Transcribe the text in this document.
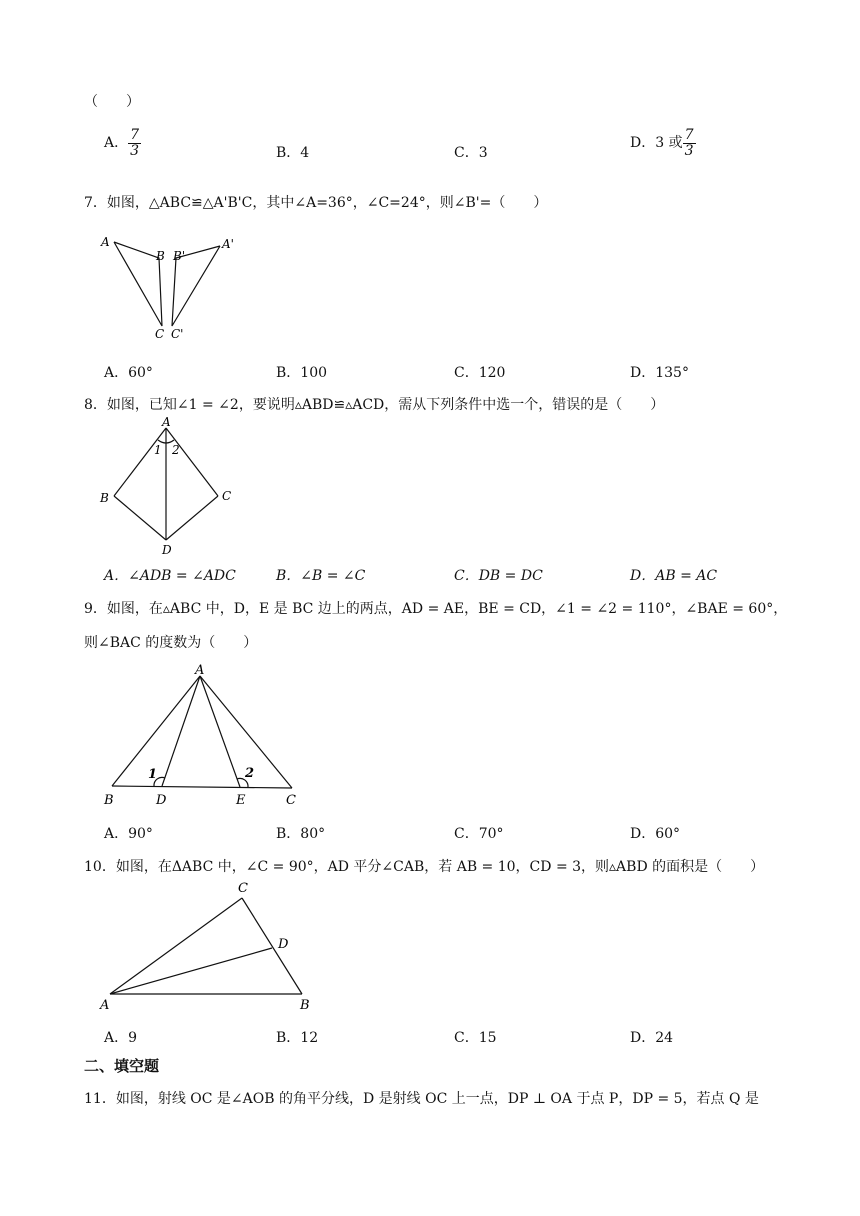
（　　）
A． $\frac{7}{3}$	B．4	C．3
D．3 或 $\frac{7}{3}$
7．如图，△ABC≌△A'B'C，其中∠A=36°，∠C=24°，则∠B'=（　　）
A
B B'
A'
C C'
A．60°	B．100	C．120	D．135°
8．如图，已知∠1 = ∠2，要说明▵ABD≌▵ACD，需从下列条件中选一个，错误的是（　　）
A
1 2
B	C
D
A．∠ADB = ∠ADC	B．∠B = ∠C	C．DB = DC	D．AB = AC
9．如图，在▵ABC 中，D，E 是 BC 边上的两点，AD = AE，BE = CD，∠1 = ∠2 = 110°，∠BAE = 60°，
则∠BAC 的度数为（　　）
A
1	2
B	D	E	C
A．90°	B．80°	C．70°	D．60°
10．如图，在ΔABC 中，∠C = 90°，AD 平分∠CAB，若 AB = 10，CD = 3，则▵ABD 的面积是（　　）
C
D
A	B
A．9	B．12	C．15	D．24
二、填空题
11．如图，射线 OC 是∠AOB 的角平分线，D 是射线 OC 上一点，DP ⊥ OA 于点 P，DP = 5，若点 Q 是
